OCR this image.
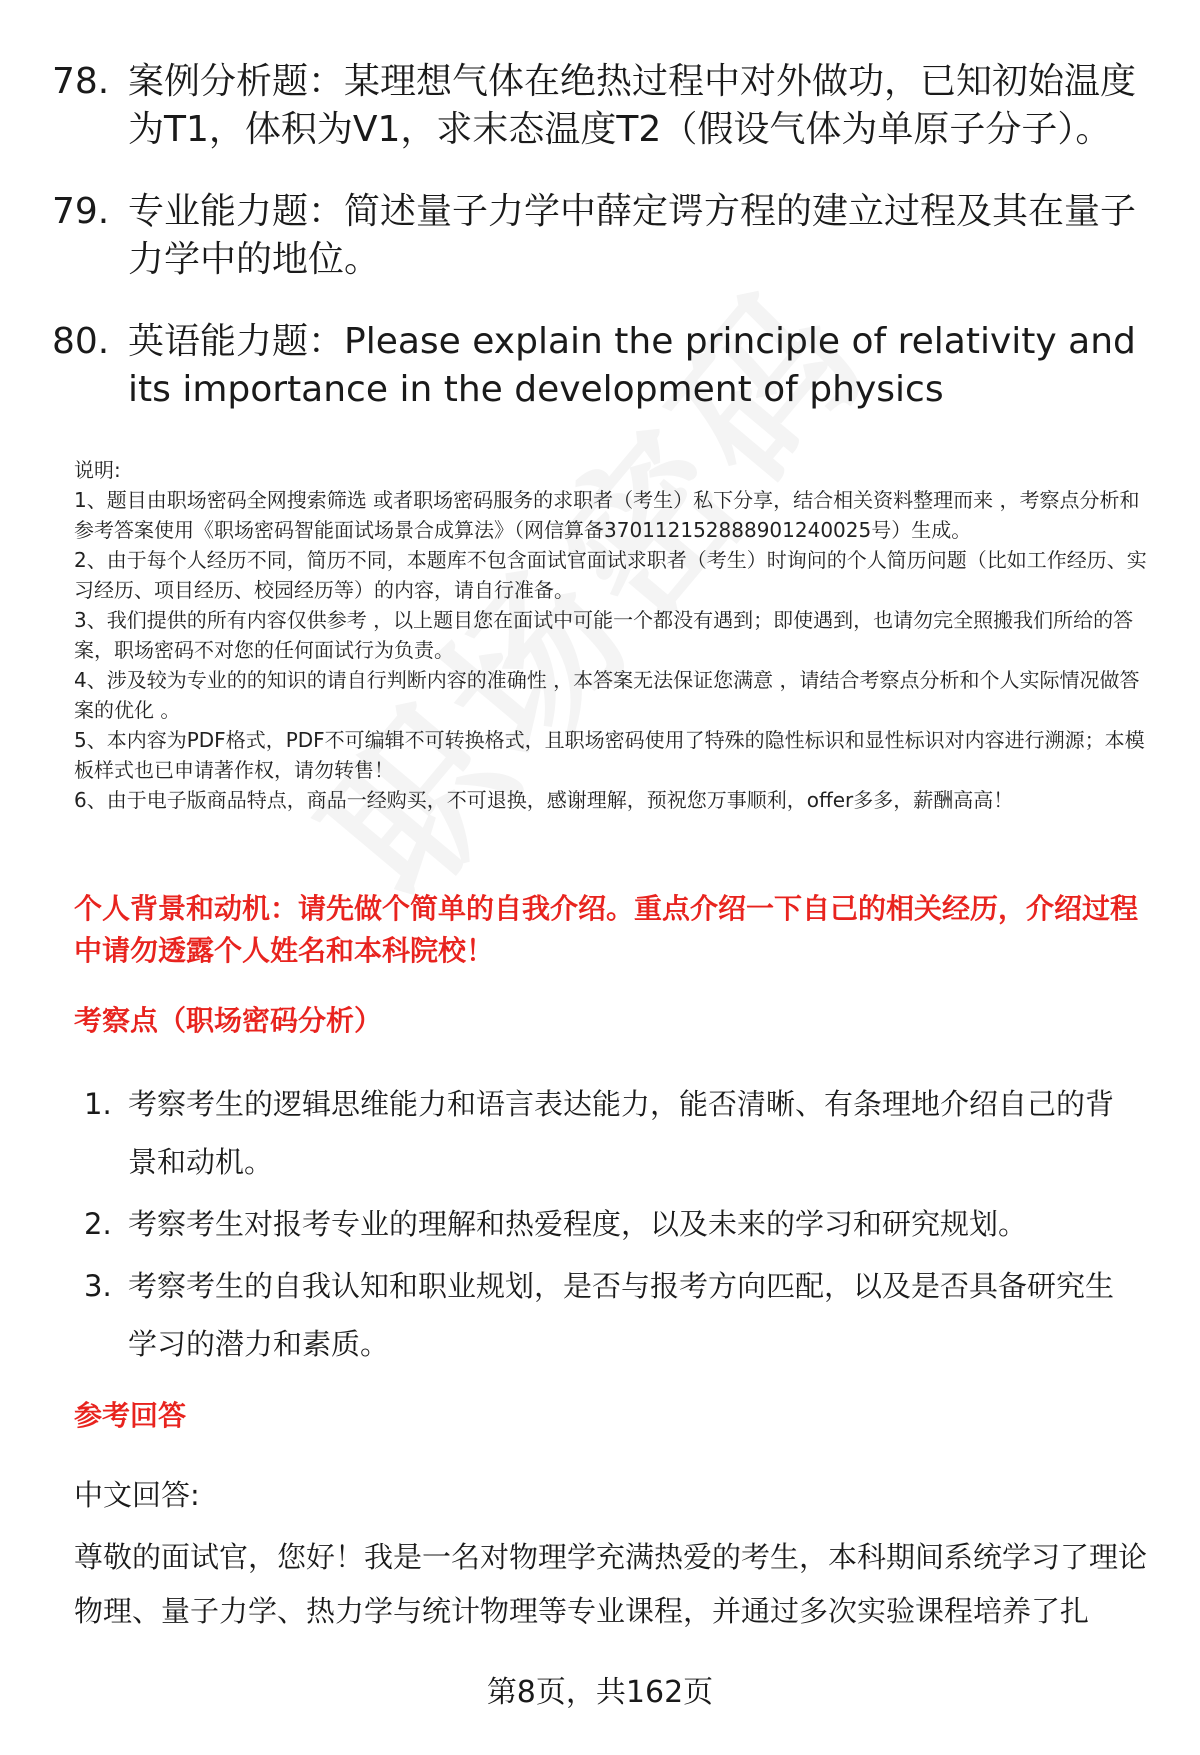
78. 案例分析题：某理想气体在绝热过程中对外做功，已知初始温度为T1，体积为V1，求末态温度T2（假设气体为单原子分子）。
79. 专业能力题：简述量子力学中薛定谔方程的建立过程及其在量子力学中的地位。
80. 英语能力题：Please explain the principle of relativity and its importance in the development of physics

说明:

1、题目由职场密码全网搜索筛选 或者职场密码服务的求职者（考生）私下分享，结合相关资料整理而来 ，考察点分析和参考答案使用《职场密码智能面试场景合成算法》（网信算备370112152888901240025号）生成。

2、由于每个人经历不同，简历不同，本题库不包含面试官面试求职者（考生）时询问的个人简历问题（比如工作经历、实习经历、项目经历、校园经历等）的内容，请自行准备。

3、我们提供的所有内容仅供参考 ，以上题目您在面试中可能一个都没有遇到；即使遇到，也请勿完全照搬我们所给的答案，职场密码不对您的任何面试行为负责。

4、涉及较为专业的的知识的请自行判断内容的准确性 ，本答案无法保证您满意 ，请结合考察点分析和个人实际情况做答案的优化 。

5、本内容为PDF格式，PDF不可编辑不可转换格式，且职场密码使用了特殊的隐性标识和显性标识对内容进行溯源；本模板样式也已申请著作权，请勿转售！

6、由于电子版商品特点，商品一经购买，不可退换，感谢理解，预祝您万事顺利，offer多多，薪酬高高！

个人背景和动机：请先做个简单的自我介绍。重点介绍一下自己的相关经历，介绍过程中请勿透露个人姓名和本科院校！
考察点（职场密码分析）
1. 考察考生的逻辑思维能力和语言表达能力，能否清晰、有条理地介绍自己的背景和动机。
2. 考察考生对报考专业的理解和热爱程度，以及未来的学习和研究规划。
3. 考察考生的自我认知和职业规划，是否与报考方向匹配，以及是否具备研究生学习的潜力和素质。
参考回答
中文回答:
尊敬的面试官，您好！我是一名对物理学充满热爱的考生，本科期间系统学习了理论物理、量子力学、热力学与统计物理等专业课程，并通过多次实验课程培养了扎
第8页，共162页
